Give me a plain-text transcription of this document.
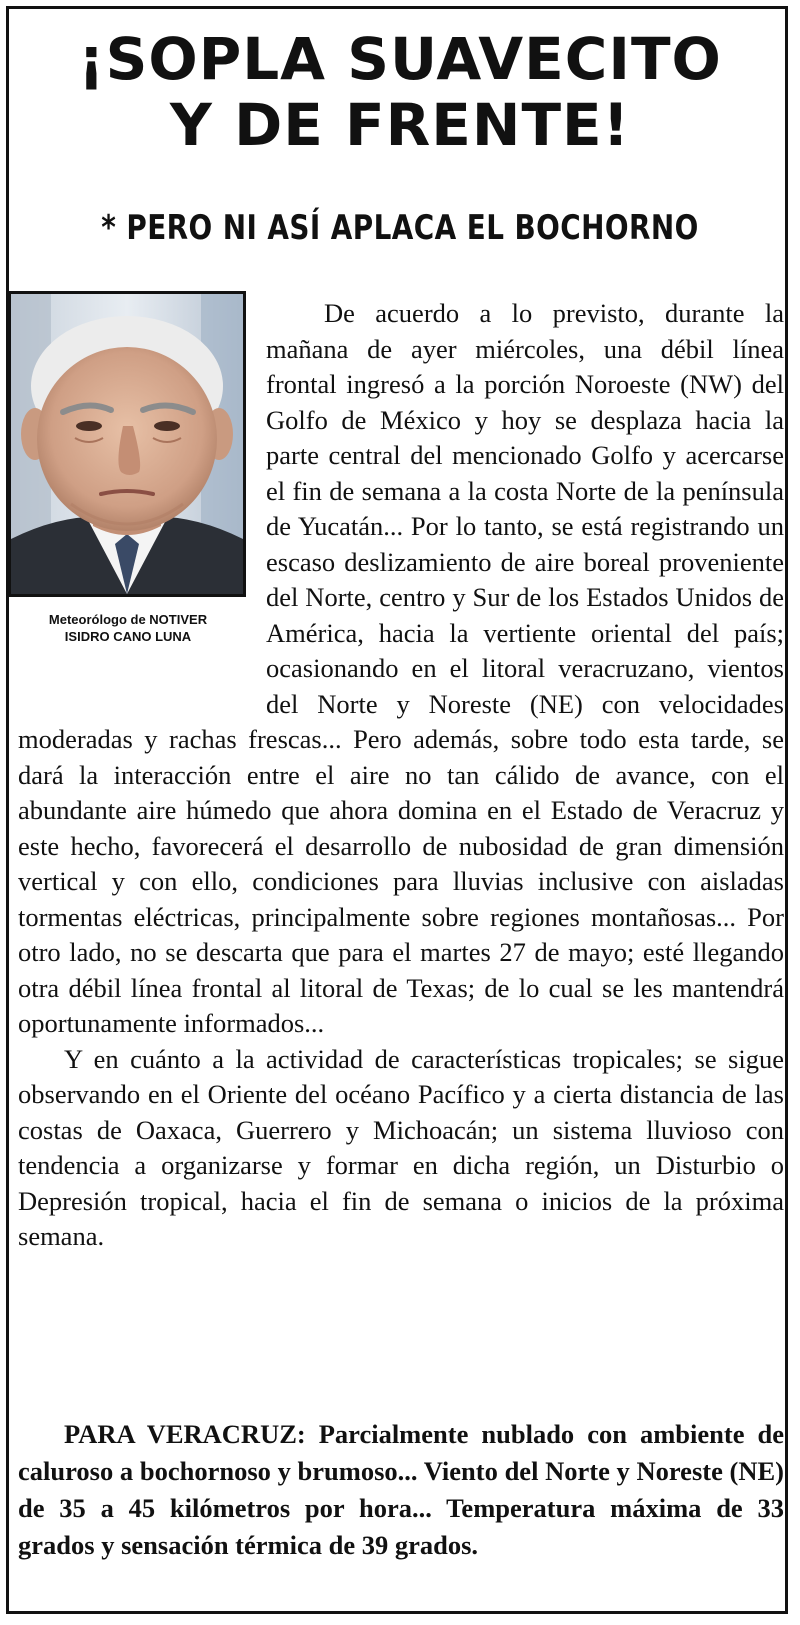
¡SOPLA SUAVECITO
Y DE FRENTE!
* PERO NI ASÍ APLACA EL BOCHORNO
Meteorólogo de NOTIVER
ISIDRO CANO LUNA

De acuerdo a lo previsto, durante la mañana de ayer miércoles, una débil línea frontal ingresó a la porción Noroeste (NW) del Golfo de México y hoy se desplaza hacia la parte central del mencionado Golfo y acercarse el fin de semana a la costa Norte de la península de Yucatán... Por lo tanto, se está registrando un escaso deslizamiento de aire boreal proveniente del Norte, centro y Sur de los Estados Unidos de América, hacia la vertiente oriental del país; ocasionando en el litoral veracruzano, vientos del Norte y Noreste (NE) con velocidades moderadas y rachas frescas... Pero además, sobre todo esta tarde, se dará la interacción entre el aire no tan cálido de avance, con el abundante aire húmedo que ahora domina en el Estado de Veracruz y este hecho, favorecerá el desarrollo de nubosidad de gran dimensión vertical y con ello, condiciones para lluvias inclusive con aisladas tormentas eléctricas, principalmente sobre regiones montañosas... Por otro lado, no se descarta que para el martes 27 de mayo; esté llegando otra débil línea frontal al litoral de Texas; de lo cual se les mantendrá oportunamente informados...

Y en cuánto a la actividad de características tropicales; se sigue observando en el Oriente del océano Pacífico y a cierta distancia de las costas de Oaxaca, Guerrero y Michoacán; un sistema lluvioso con tendencia a organizarse y formar en dicha región, un Disturbio o Depresión tropical, hacia el fin de semana o inicios de la próxima semana.

PARA VERACRUZ: Parcialmente nublado con ambiente de caluroso a bochornoso y brumoso... Viento del Norte y Noreste (NE) de 35 a 45 kilómetros por hora... Temperatura máxima de 33 grados y sensación térmica de 39 grados.
